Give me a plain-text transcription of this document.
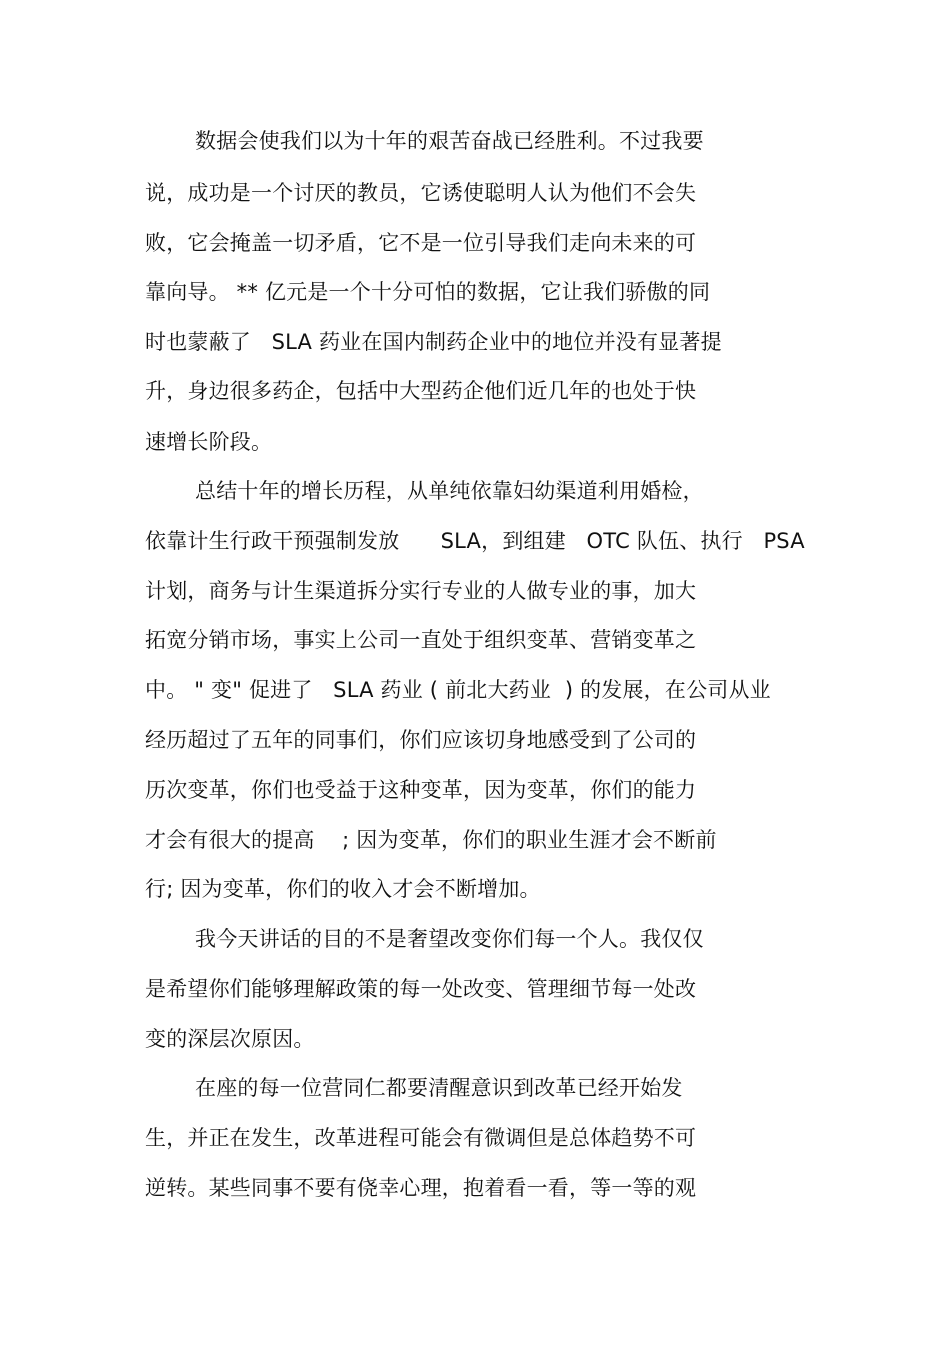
数据会使我们以为十年的艰苦奋战已经胜利。不过我要
说，成功是一个讨厌的教员，它诱使聪明人认为他们不会失
败，它会掩盖一切矛盾，它不是一位引导我们走向未来的可
靠向导。 ** 亿元是一个十分可怕的数据，它让我们骄傲的同
时也蒙蔽了   SLA 药业在国内制药企业中的地位并没有显著提
升，身边很多药企，包括中大型药企他们近几年的也处于快
速增长阶段。
总结十年的增长历程，从单纯依靠妇幼渠道利用婚检，
依靠计生行政干预强制发放      SLA，到组建   OTC 队伍、执行   PSA
计划，商务与计生渠道拆分实行专业的人做专业的事，加大
拓宽分销市场，事实上公司一直处于组织变革、营销变革之
中。 " 变" 促进了   SLA 药业 ( 前北大药业  ) 的发展，在公司从业
经历超过了五年的同事们，你们应该切身地感受到了公司的
历次变革，你们也受益于这种变革，因为变革，你们的能力
才会有很大的提高    ; 因为变革，你们的职业生涯才会不断前
行; 因为变革，你们的收入才会不断增加。
我今天讲话的目的不是奢望改变你们每一个人。我仅仅
是希望你们能够理解政策的每一处改变、管理细节每一处改
变的深层次原因。
在座的每一位营同仁都要清醒意识到改革已经开始发
生，并正在发生，改革进程可能会有微调但是总体趋势不可
逆转。某些同事不要有侥幸心理，抱着看一看，等一等的观
